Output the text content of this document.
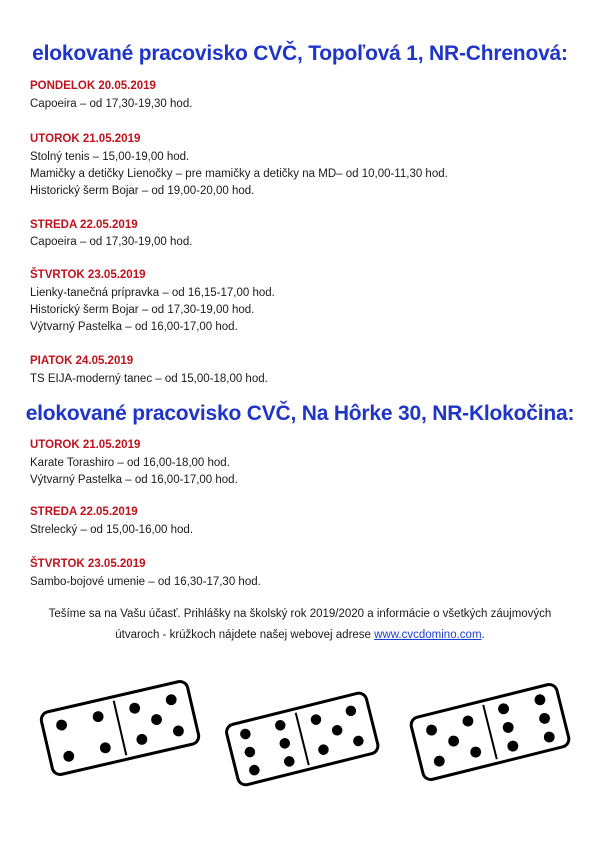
elokované pracovisko CVČ, Topoľová 1, NR-Chrenová:
PONDELOK 20.05.2019
Capoeira – od 17,30-19,30 hod.
UTOROK 21.05.2019
Stolný tenis – 15,00-19,00 hod.
Mamičky a detičky Lienočky – pre mamičky a detičky na MD– od 10,00-11,30 hod.
Historický šerm Bojar – od 19,00-20,00 hod.
STREDA 22.05.2019
Capoeira – od 17,30-19,00 hod.
ŠTVRTOK 23.05.2019
Lienky-tanečná prípravka – od 16,15-17,00 hod.
Historický šerm Bojar – od 17,30-19,00 hod.
Výtvarný Pastelka – od 16,00-17,00 hod.
PIATOK 24.05.2019
TS EIJA-moderný tanec – od 15,00-18,00 hod.
elokované pracovisko CVČ, Na Hôrke 30, NR-Klokočina:
UTOROK 21.05.2019
Karate Torashiro – od 16,00-18,00 hod.
Výtvarný Pastelka – od 16,00-17,00 hod.
STREDA 22.05.2019
Strelecký – od 15,00-16,00 hod.
ŠTVRTOK 23.05.2019
Sambo-bojové umenie – od 16,30-17,30 hod.
Tešíme sa na Vašu účasť. Prihlášky na školský rok 2019/2020 a informácie o všetkých záujmových
útvaroch - krúžkoch nájdete našej webovej adrese www.cvcdomino.com.
